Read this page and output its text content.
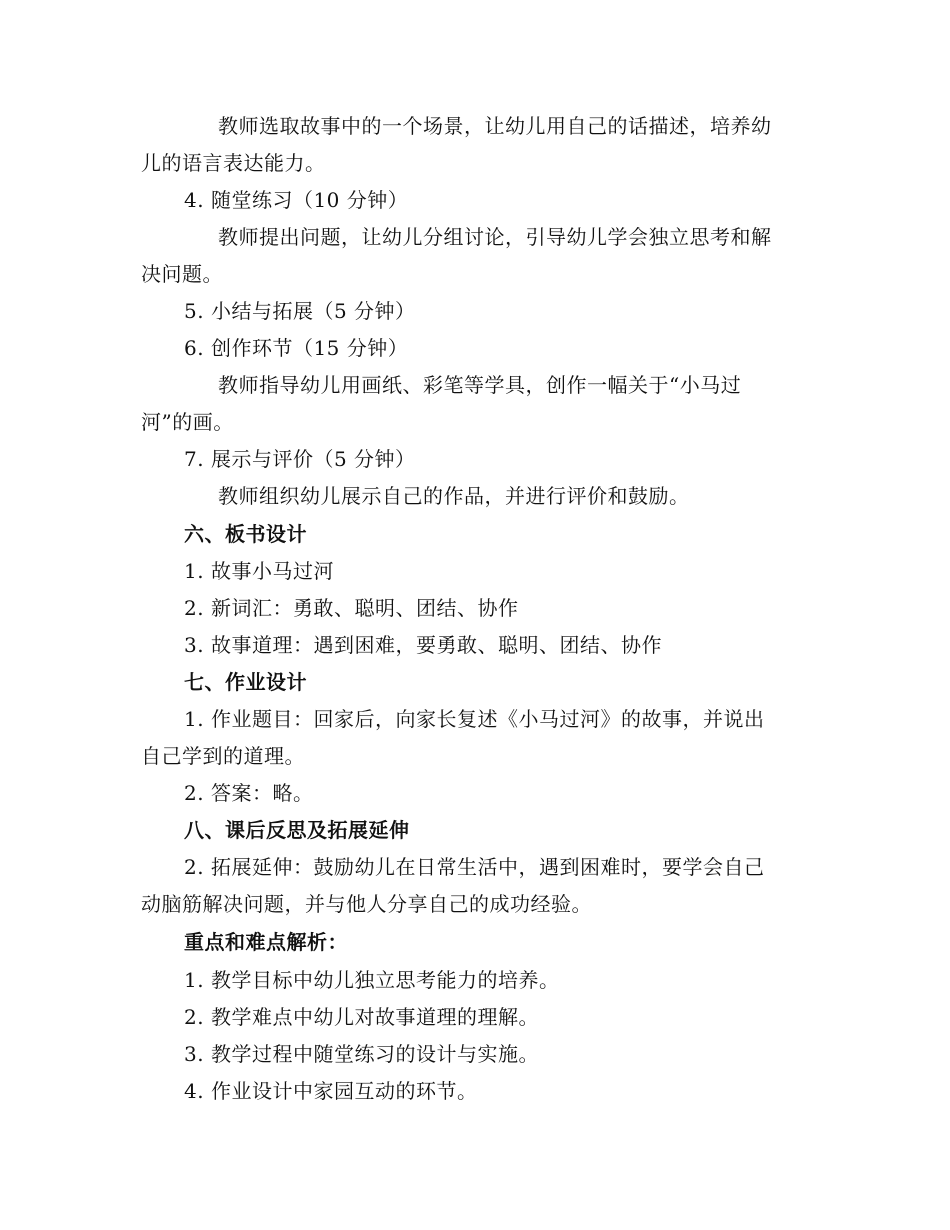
教师选取故事中的一个场景，让幼儿用自己的话描述，培养幼
儿的语言表达能力。
4. 随堂练习（10 分钟）
教师提出问题，让幼儿分组讨论，引导幼儿学会独立思考和解
决问题。
5. 小结与拓展（5 分钟）
6. 创作环节（15 分钟）
教师指导幼儿用画纸、彩笔等学具，创作一幅关于“小马过
河”的画。
7. 展示与评价（5 分钟）
教师组织幼儿展示自己的作品，并进行评价和鼓励。
六、板书设计
1. 故事小马过河
2. 新词汇：勇敢、聪明、团结、协作
3. 故事道理：遇到困难，要勇敢、聪明、团结、协作
七、作业设计
1. 作业题目：回家后，向家长复述《小马过河》的故事，并说出
自己学到的道理。
2. 答案：略。
八、课后反思及拓展延伸
2. 拓展延伸：鼓励幼儿在日常生活中，遇到困难时，要学会自己
动脑筋解决问题，并与他人分享自己的成功经验。
重点和难点解析：
1. 教学目标中幼儿独立思考能力的培养。
2. 教学难点中幼儿对故事道理的理解。
3. 教学过程中随堂练习的设计与实施。
4. 作业设计中家园互动的环节。
